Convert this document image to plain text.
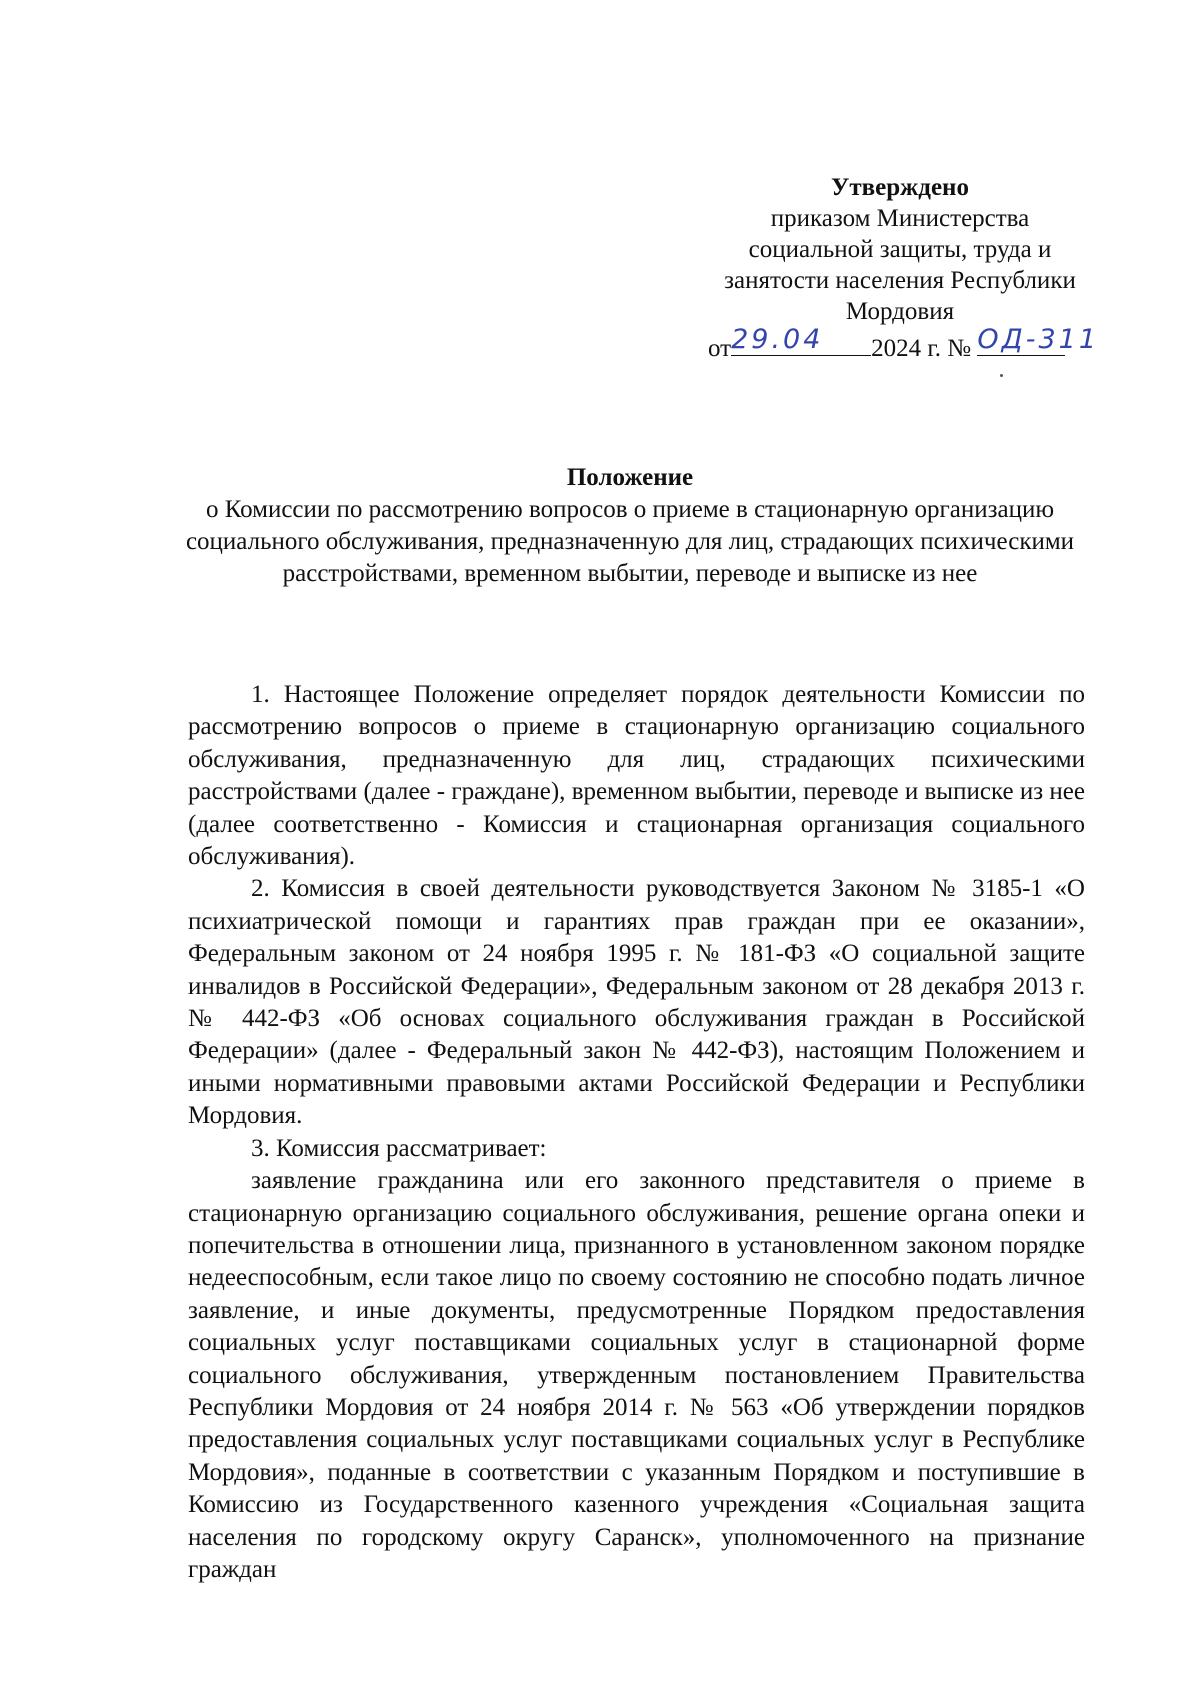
Утверждено
приказом Министерства
социальной защиты, труда и
занятости населения Республики
Мордовия
от 29.04	2024 г. № ОД-311
Положение
о Комиссии по рассмотрению вопросов о приеме в стационарную организацию социального обслуживания, предназначенную для лиц, страдающих психическими расстройствами, временном выбытии, переводе и выписке из нее

1. Настоящее Положение определяет порядок деятельности Комиссии по рассмотрению вопросов о приеме в стационарную организацию социального обслуживания, предназначенную для лиц, страдающих психическими расстройствами (далее - граждане), временном выбытии, переводе и выписке из нее (далее соответственно - Комиссия и стационарная организация социального обслуживания).

2. Комиссия в своей деятельности руководствуется Законом № 3185-1 «О психиатрической помощи и гарантиях прав граждан при ее оказании», Федеральным законом от 24 ноября 1995 г. № 181-ФЗ «О социальной защите инвалидов в Российской Федерации», Федеральным законом от 28 декабря 2013 г. № 442-ФЗ «Об основах социального обслуживания граждан в Российской Федерации» (далее - Федеральный закон № 442-ФЗ), настоящим Положением и иными нормативными правовыми актами Российской Федерации и Республики Мордовия.

3. Комиссия рассматривает:

заявление гражданина или его законного представителя о приеме в стационарную организацию социального обслуживания, решение органа опеки и попечительства в отношении лица, признанного в установленном законом порядке недееспособным, если такое лицо по своему состоянию не способно подать личное заявление, и иные документы, предусмотренные Порядком предоставления социальных услуг поставщиками социальных услуг в стационарной форме социального обслуживания, утвержденным постановлением Правительства Республики Мордовия от 24 ноября 2014 г. № 563 «Об утверждении порядков предоставления социальных услуг поставщиками социальных услуг в Республике Мордовия», поданные в соответствии с указанным Порядком и поступившие в Комиссию из Государственного казенного учреждения «Социальная защита населения по городскому округу Саранск», уполномоченного на признание граждан
